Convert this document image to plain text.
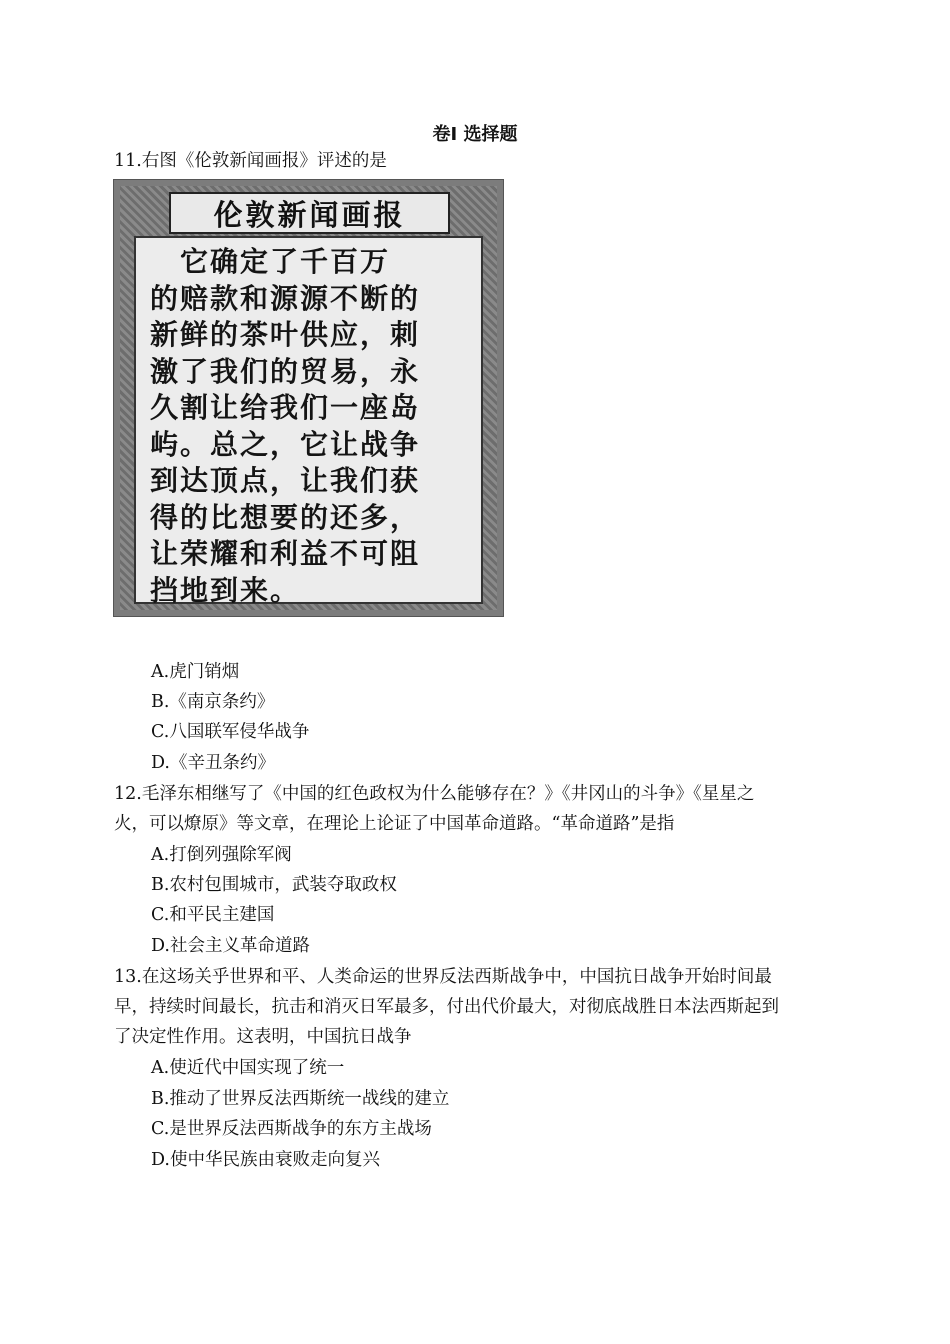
卷Ⅰ 选择题
11.右图《伦敦新闻画报》评述的是
伦敦新闻画报
　它确定了千百万
的赔款和源源不断的
新鲜的茶叶供应，刺
激了我们的贸易，永
久割让给我们一座岛
屿。总之，它让战争
到达顶点，让我们获
得的比想要的还多，
让荣耀和利益不可阻
挡地到来。
A.虎门销烟
B.《南京条约》
C.八国联军侵华战争
D.《辛丑条约》
12.毛泽东相继写了《中国的红色政权为什么能够存在？》《井冈山的斗争》《星星之
火，可以燎原》等文章，在理论上论证了中国革命道路。“革命道路”是指
A.打倒列强除军阀
B.农村包围城市，武装夺取政权
C.和平民主建国
D.社会主义革命道路
13.在这场关乎世界和平、人类命运的世界反法西斯战争中，中国抗日战争开始时间最
早，持续时间最长，抗击和消灭日军最多，付出代价最大，对彻底战胜日本法西斯起到
了决定性作用。这表明，中国抗日战争
A.使近代中国实现了统一
B.推动了世界反法西斯统一战线的建立
C.是世界反法西斯战争的东方主战场
D.使中华民族由衰败走向复兴
